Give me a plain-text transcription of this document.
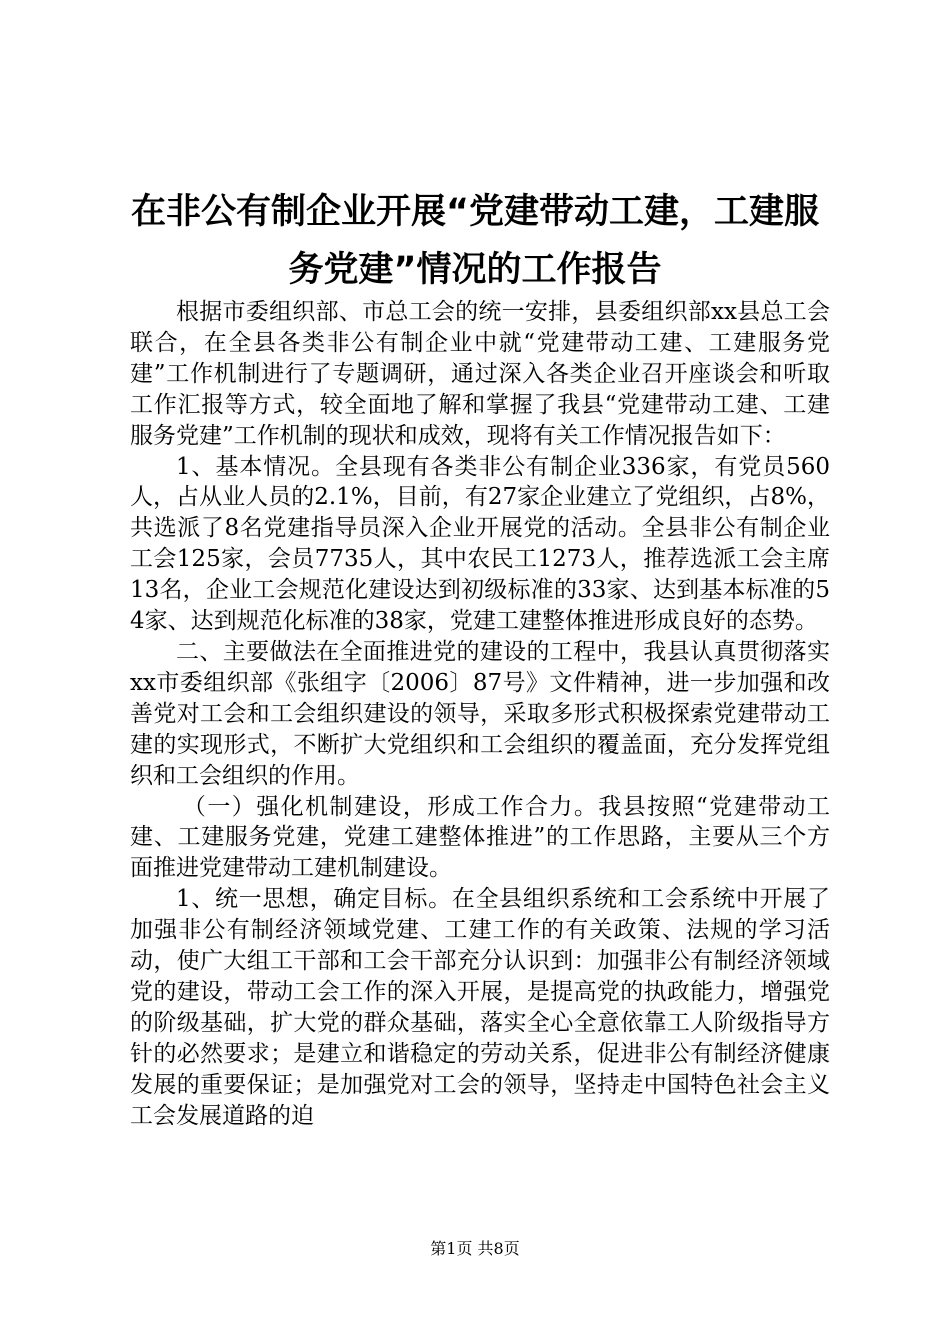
在非公有制企业开展“党建带动工建，工建服
务党建”情况的工作报告

根据市委组织部、市总工会的统一安排，县委组织部xx县总工会联合，在全县各类非公有制企业中就“党建带动工建、工建服务党建”工作机制进行了专题调研，通过深入各类企业召开座谈会和听取工作汇报等方式，较全面地了解和掌握了我县“党建带动工建、工建服务党建”工作机制的现状和成效，现将有关工作情况报告如下：

1、基本情况。全县现有各类非公有制企业336家，有党员560人，占从业人员的2.1%，目前，有27家企业建立了党组织，占8%，共选派了8名党建指导员深入企业开展党的活动。全县非公有制企业工会125家，会员7735人，其中农民工1273人，推荐选派工会主席13名，企业工会规范化建设达到初级标准的33家、达到基本标准的54家、达到规范化标准的38家，党建工建整体推进形成良好的态势。

二、主要做法在全面推进党的建设的工程中，我县认真贯彻落实xx市委组织部《张组字〔2006〕87号》文件精神，进一步加强和改善党对工会和工会组织建设的领导，采取多形式积极探索党建带动工建的实现形式，不断扩大党组织和工会组织的覆盖面，充分发挥党组织和工会组织的作用。

（一）强化机制建设，形成工作合力。我县按照“党建带动工建、工建服务党建，党建工建整体推进”的工作思路，主要从三个方面推进党建带动工建机制建设。

1、统一思想，确定目标。在全县组织系统和工会系统中开展了加强非公有制经济领域党建、工建工作的有关政策、法规的学习活动，使广大组工干部和工会干部充分认识到：加强非公有制经济领域党的建设，带动工会工作的深入开展，是提高党的执政能力，增强党的阶级基础，扩大党的群众基础，落实全心全意依靠工人阶级指导方针的必然要求；是建立和谐稳定的劳动关系，促进非公有制经济健康发展的重要保证；是加强党对工会的领导，坚持走中国特色社会主义工会发展道路的迫

第1页 共8页
